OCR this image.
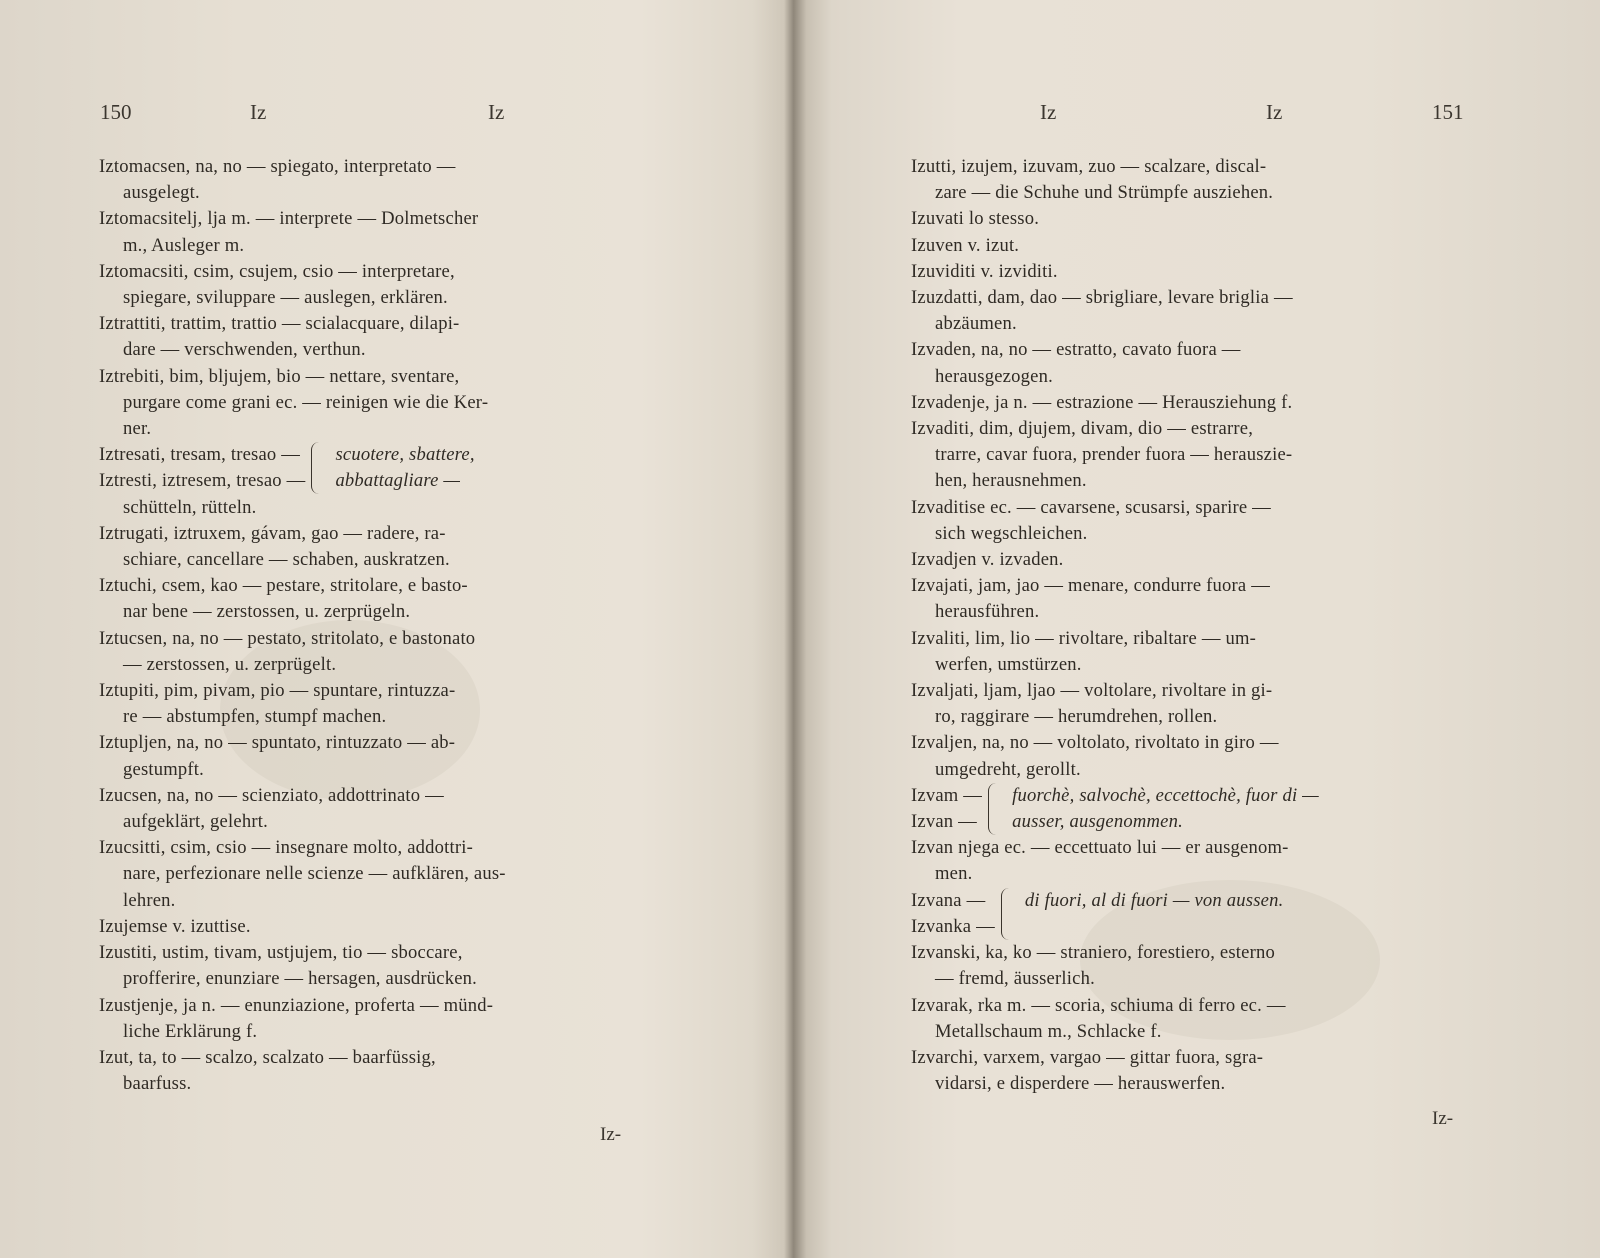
150	Iz	Iz
Iztomacsen, na, no — spiegato, interpretato —
ausgelegt.
Iztomacsitelj, lja m. — interprete — Dolmetscher
m., Ausleger m.
Iztomacsiti, csim, csujem, csio — interpretare,
spiegare, sviluppare — auslegen, erklären.
Iztrattiti, trattim, trattio — scialacquare, dilapi-
dare — verschwenden, verthun.
Iztrebiti, bim, bljujem, bio — nettare, sventare,
purgare come grani ec. — reinigen wie die Ker-
ner.
Iztresati, tresam, tresao —
Iztresti, iztresem, tresao —
scuotere, sbattere,
abbattagliare —
schütteln, rütteln.
Iztrugati, iztruxem, gávam, gao — radere, ra-
schiare, cancellare — schaben, auskratzen.
Iztuchi, csem, kao — pestare, stritolare, e basto-
nar bene — zerstossen, u. zerprügeln.
Iztucsen, na, no — pestato, stritolato, e bastonato
— zerstossen, u. zerprügelt.
Iztupiti, pim, pivam, pio — spuntare, rintuzza-
re — abstumpfen, stumpf machen.
Iztupljen, na, no — spuntato, rintuzzato — ab-
gestumpft.
Izucsen, na, no — scienziato, addottrinato —
aufgeklärt, gelehrt.
Izucsitti, csim, csio — insegnare molto, addottri-
nare, perfezionare nelle scienze — aufklären, aus-
lehren.
Izujemse v. izuttise.
Izustiti, ustim, tivam, ustjujem, tio — sboccare,
profferire, enunziare — hersagen, ausdrücken.
Izustjenje, ja n. — enunziazione, proferta — münd-
liche Erklärung f.
Izut, ta, to — scalzo, scalzato — baarfüssig,
baarfuss.
Iz-
Iz	Iz	151
Izutti, izujem, izuvam, zuo — scalzare, discal-
zare — die Schuhe und Strümpfe ausziehen.
Izuvati lo stesso.
Izuven v. izut.
Izuviditi v. izviditi.
Izuzdatti, dam, dao — sbrigliare, levare briglia —
abzäumen.
Izvaden, na, no — estratto, cavato fuora —
herausgezogen.
Izvadenje, ja n. — estrazione — Herausziehung f.
Izvaditi, dim, djujem, divam, dio — estrarre,
trarre, cavar fuora, prender fuora — herauszie-
hen, herausnehmen.
Izvaditise ec. — cavarsene, scusarsi, sparire —
sich wegschleichen.
Izvadjen v. izvaden.
Izvajati, jam, jao — menare, condurre fuora —
herausführen.
Izvaliti, lim, lio — rivoltare, ribaltare — um-
werfen, umstürzen.
Izvaljati, ljam, ljao — voltolare, rivoltare in gi-
ro, raggirare — herumdrehen, rollen.
Izvaljen, na, no — voltolato, rivoltato in giro —
umgedreht, gerollt.
Izvam —
Izvan —
fuorchè, salvochè, eccettochè, fuor di —
ausser, ausgenommen.
Izvan njega ec. — eccettuato lui — er ausgenom-
men.
Izvana —
Izvanka —
di fuori, al di fuori — von aussen.
Izvanski, ka, ko — straniero, forestiero, esterno
— fremd, äusserlich.
Izvarak, rka m. — scoria, schiuma di ferro ec. —
Metallschaum m., Schlacke f.
Izvarchi, varxem, vargao — gittar fuora, sgra-
vidarsi, e disperdere — herauswerfen.
Iz-
